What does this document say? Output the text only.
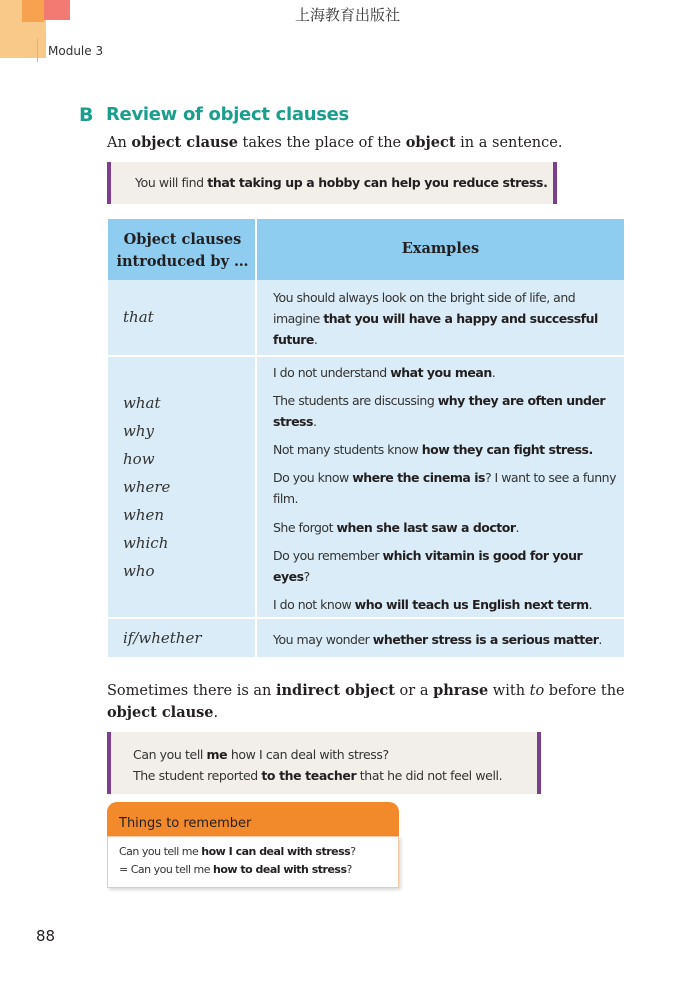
Module 3
上海教育出版社
B Review of object clauses

An object clause takes the place of the object in a sentence.

You will find that taking up a hobby can help you reduce stress.
Object clauses introduced by …
Examples
that
You should always look on the bright side of life, and imagine that you will have a happy and successful future.
what
why
how
where
when
which
who
I do not understand what you mean.
The students are discussing why they are often under stress.
Not many students know how they can fight stress.
Do you know where the cinema is? I want to see a funny film.
She forgot when she last saw a doctor.
Do you remember which vitamin is good for your eyes?
I do not know who will teach us English next term.
if/whether	You may wonder whether stress is a serious matter.

Sometimes there is an indirect object or a phrase with to before the object clause.

Can you tell me how I can deal with stress?
The student reported to the teacher that he did not feel well.
Things to remember
Can you tell me how I can deal with stress?
= Can you tell me how to deal with stress?
88
